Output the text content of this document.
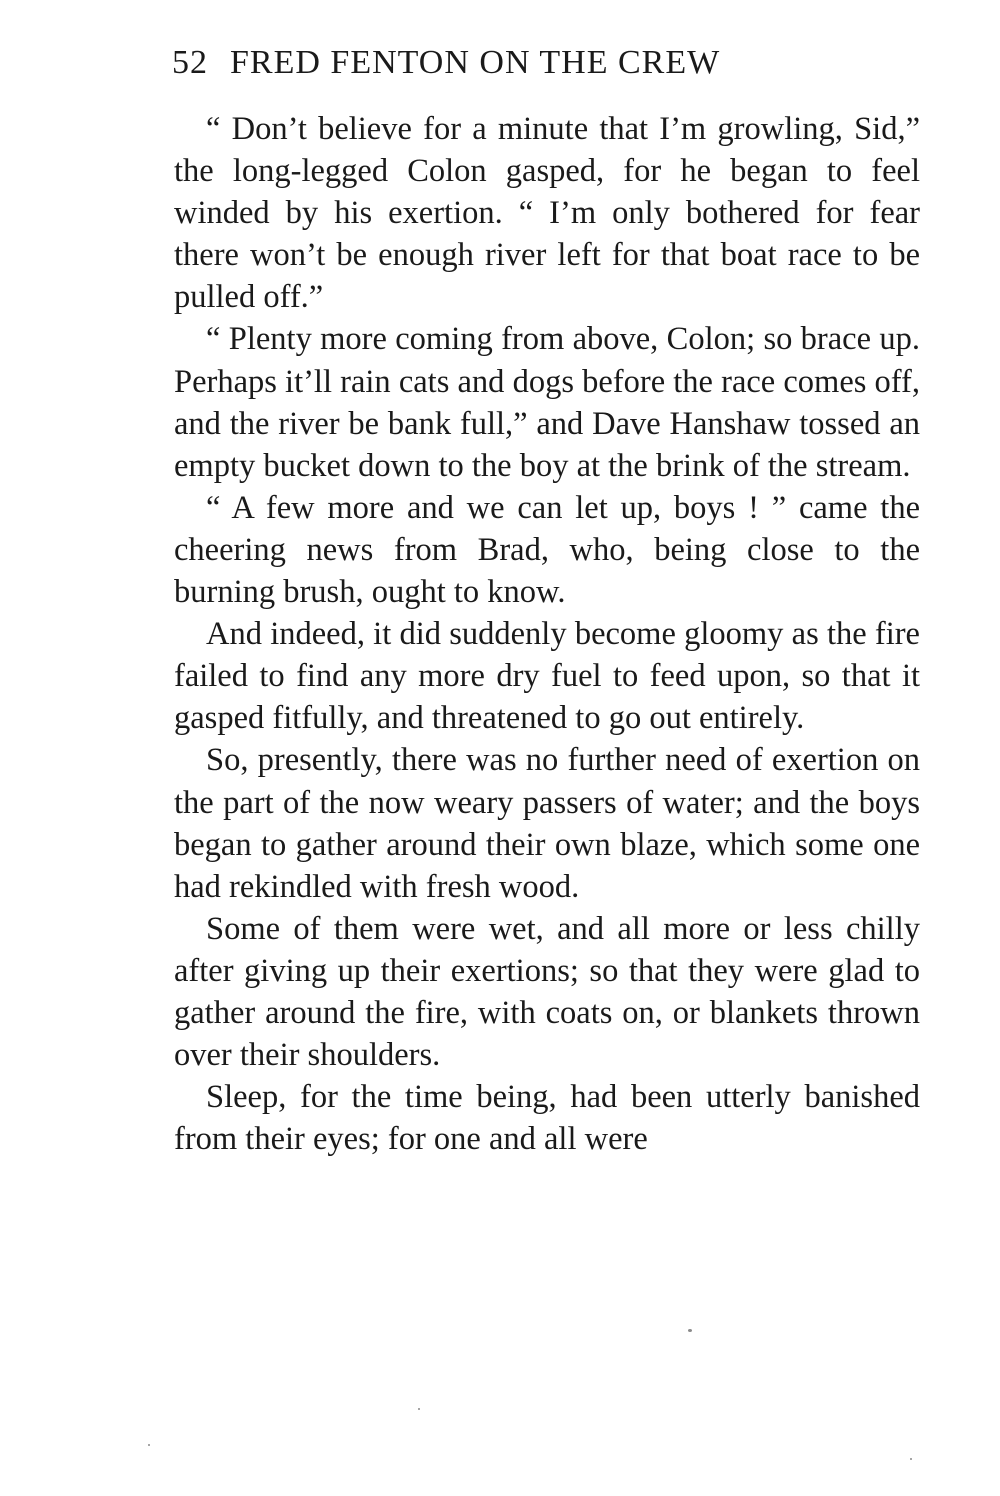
52 FRED FENTON ON THE CREW

“ Don’t believe for a minute that I’m growling, Sid,” the long-legged Colon gasped, for he began to feel winded by his exertion. “ I’m only bothered for fear there won’t be enough river left for that boat race to be pulled off.”

“ Plenty more coming from above, Colon; so brace up. Perhaps it’ll rain cats and dogs before the race comes off, and the river be bank full,” and Dave Hanshaw tossed an empty bucket down to the boy at the brink of the stream.

“ A few more and we can let up, boys ! ” came the cheering news from Brad, who, being close to the burning brush, ought to know.

And indeed, it did suddenly become gloomy as the fire failed to find any more dry fuel to feed upon, so that it gasped fitfully, and threatened to go out entirely.

So, presently, there was no further need of exertion on the part of the now weary passers of water; and the boys began to gather around their own blaze, which some one had rekindled with fresh wood.

Some of them were wet, and all more or less chilly after giving up their exertions; so that they were glad to gather around the fire, with coats on, or blankets thrown over their shoulders.

Sleep, for the time being, had been utterly banished from their eyes; for one and all were
